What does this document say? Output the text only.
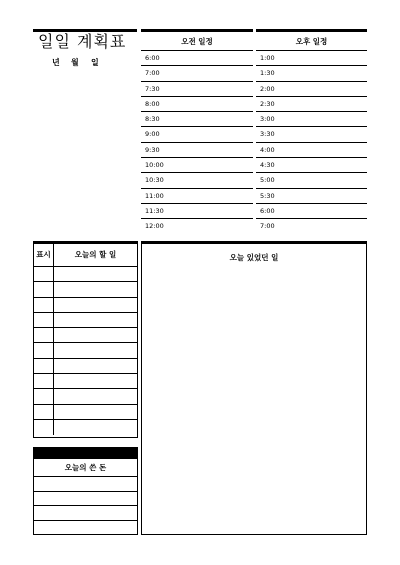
일일 계획표
년 월 일
오전 일정
6:00
7:00
7:30
8:00
8:30
9:00
9:30
10:00
10:30
11:00
11:30
12:00
오후 일정
1:00
1:30
2:00
2:30
3:00
3:30
4:00
4:30
5:00
5:30
6:00
7:00
표시	오늘의 할 일
오늘의 쓴 돈
오늘 있었던 일
